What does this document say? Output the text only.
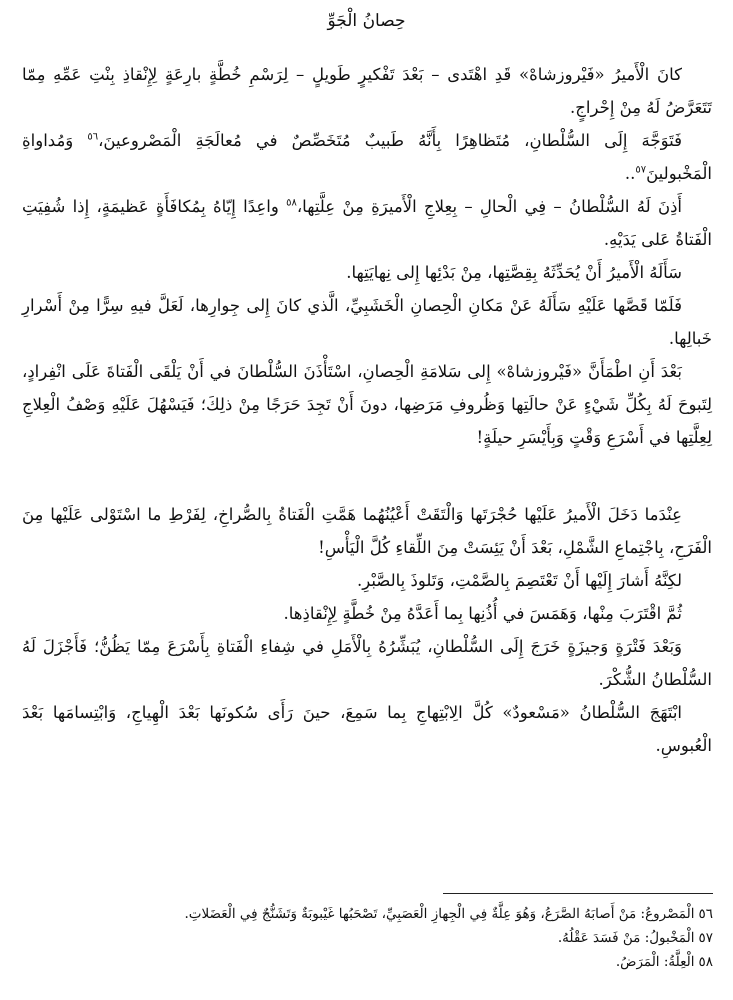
حِصانُ الْجَوِّ

كانَ الْأَميرُ «فَيْروزشاهْ» قَدِ اهْتَدى – بَعْدَ تَفْكيرٍ طَويلٍ – لِرَسْمِ خُطَّةٍ بارِعَةٍ لِإِنْقاذِ بِنْتِ عَمِّهِ مِمّا تَتَعَرَّضُ لَهُ مِنْ إِحْراجٍ.

فَتَوَجَّهَ إِلَى السُّلْطانِ، مُتَظاهِرًا بِأَنَّهُ طَبيبٌ مُتَخَصِّصٌ في مُعالَجَةِ الْمَصْروعينَ،$^{٥٦}$ وَمُداواةِ الْمَخْبولينَ$^{٥٧}$..

أَذِنَ لَهُ السُّلْطانُ – فِي الْحالِ – بِعِلاجِ الْأَميرَةِ مِنْ عِلَّتِها،$^{٥٨}$ واعِدًا إِيّاهُ بِمُكافَأَةٍ عَظيمَةٍ، إِذا شُفِيَتِ الْفَتاةُ عَلى يَدَيْهِ.

سَأَلَهُ الْأَميرُ أَنْ يُحَدِّثَهُ بِقِصَّتِها، مِنْ بَدْئِها إِلى نِهايَتِها.

فَلَمّا قَصَّها عَلَيْهِ سَأَلَهُ عَنْ مَكانِ الْحِصانِ الْخَشَبِيِّ، الَّذي كانَ إِلى جِوارِها، لَعَلَّ فيهِ سِرًّا مِنْ أَسْرارِ خَبالِها.

بَعْدَ أَنِ اطْمَأَنَّ «فَيْروزشاهْ» إِلى سَلامَةِ الْحِصانِ، اسْتَأْذَنَ السُّلْطانَ في أَنْ يَلْقَى الْفَتاةَ عَلَى انْفِرادٍ، لِتَبوحَ لَهُ بِكُلِّ شَيْءٍ عَنْ حالَتِها وَظُروفِ مَرَضِها، دونَ أَنْ تَجِدَ حَرَجًا مِنْ ذلِكَ؛ فَيَسْهُلَ عَلَيْهِ وَصْفُ الْعِلاجِ لِعِلَّتِها في أَسْرَعِ وَقْتٍ وَبِأَيْسَرِ حيلَةٍ!

عِنْدَما دَخَلَ الْأَميرُ عَلَيْها حُجْرَتَها وَالْتَقَتْ أَعْيُنُهُما هَمَّتِ الْفَتاةُ بِالصُّراخِ، لِفَرْطِ ما اسْتَوْلى عَلَيْها مِنَ الْفَرَحِ، بِاجْتِماعِ الشَّمْلِ، بَعْدَ أَنْ يَئِسَتْ مِنَ اللِّقاءِ كُلَّ الْيَأْسِ!

لكِنَّهُ أَشارَ إِلَيْها أَنْ تَعْتَصِمَ بِالصَّمْتِ، وَتَلوذَ بِالصَّبْرِ.

ثُمَّ اقْتَرَبَ مِنْها، وَهَمَسَ في أُذُنِها بِما أَعَدَّهُ مِنْ خُطَّةٍ لِإِنْقاذِها.

وَبَعْدَ فَتْرَةٍ وَجيزَةٍ خَرَجَ إِلَى السُّلْطانِ، يُبَشِّرُهُ بِالْأَمَلِ في شِفاءِ الْفَتاةِ بِأَسْرَعَ مِمّا يَظُنُّ؛ فَأَجْزَلَ لَهُ السُّلْطانُ الشُّكْرَ.

ابْتَهَجَ السُّلْطانُ «مَسْعودٌ» كُلَّ الِابْتِهاجِ بِما سَمِعَ، حينَ رَأَى سُكونَها بَعْدَ الْهِياجِ، وَابْتِسامَها بَعْدَ الْعُبوسِ.

٥٦الْمَصْروعُ: مَنْ أَصابَهُ الصَّرَعُ، وَهُوَ عِلَّةٌ فِي الْجِهازِ الْعَصَبِيِّ، تَصْحَبُها غَيْبوبَةٌ وَتَشَنُّجٌ فِي الْعَضَلاتِ.

٥٧الْمَخْبولُ: مَنْ فَسَدَ عَقْلُهُ.

٥٨الْعِلَّةُ: الْمَرَضُ.
